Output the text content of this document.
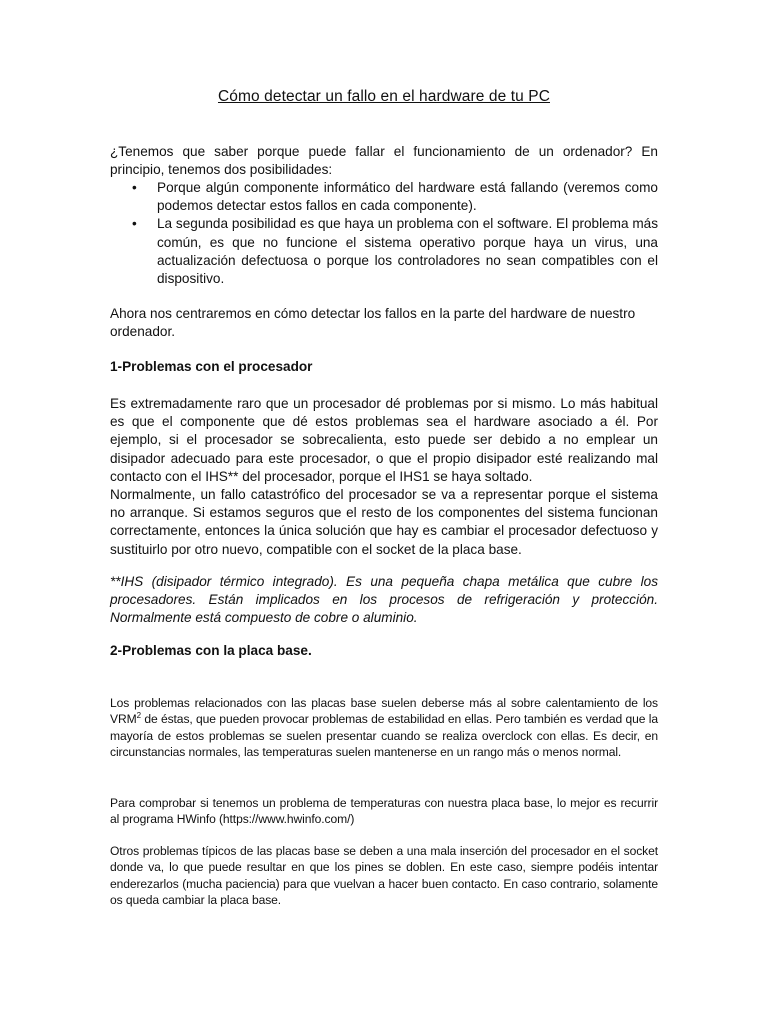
Cómo detectar un fallo en el hardware de tu PC

¿Tenemos que saber porque puede fallar el funcionamiento de un ordenador? En principio, tenemos dos posibilidades:

• Porque algún componente informático del hardware está fallando (veremos como podemos detectar estos fallos en cada componente).
• La segunda posibilidad es que haya un problema con el software. El problema más común, es que no funcione el sistema operativo porque haya un virus, una actualización defectuosa o porque los controladores no sean compatibles con el dispositivo.

Ahora nos centraremos en cómo detectar los fallos en la parte del hardware de nuestro ordenador.

1-Problemas con el procesador

Es extremadamente raro que un procesador dé problemas por si mismo. Lo más habitual es que el componente que dé estos problemas sea el hardware asociado a él. Por ejemplo, si el procesador se sobrecalienta, esto puede ser debido a no emplear un disipador adecuado para este procesador, o que el propio disipador esté realizando mal contacto con el IHS** del procesador, porque el IHS1 se haya soltado.

Normalmente, un fallo catastrófico del procesador se va a representar porque el sistema no arranque. Si estamos seguros que el resto de los componentes del sistema funcionan correctamente, entonces la única solución que hay es cambiar el procesador defectuoso y sustituirlo por otro nuevo, compatible con el socket de la placa base.

**IHS (disipador térmico integrado). Es una pequeña chapa metálica que cubre los procesadores. Están implicados en los procesos de refrigeración y protección. Normalmente está compuesto de cobre o aluminio.

2-Problemas con la placa base.

Los problemas relacionados con las placas base suelen deberse más al sobre calentamiento de los VRM$^2$ de éstas, que pueden provocar problemas de estabilidad en ellas. Pero también es verdad que la mayoría de estos problemas se suelen presentar cuando se realiza overclock con ellas. Es decir, en circunstancias normales, las temperaturas suelen mantenerse en un rango más o menos normal.

Para comprobar si tenemos un problema de temperaturas con nuestra placa base, lo mejor es recurrir al programa HWinfo (https://www.hwinfo.com/)

Otros problemas típicos de las placas base se deben a una mala inserción del procesador en el socket donde va, lo que puede resultar en que los pines se doblen. En este caso, siempre podéis intentar enderezarlos (mucha paciencia) para que vuelvan a hacer buen contacto. En caso contrario, solamente os queda cambiar la placa base.
